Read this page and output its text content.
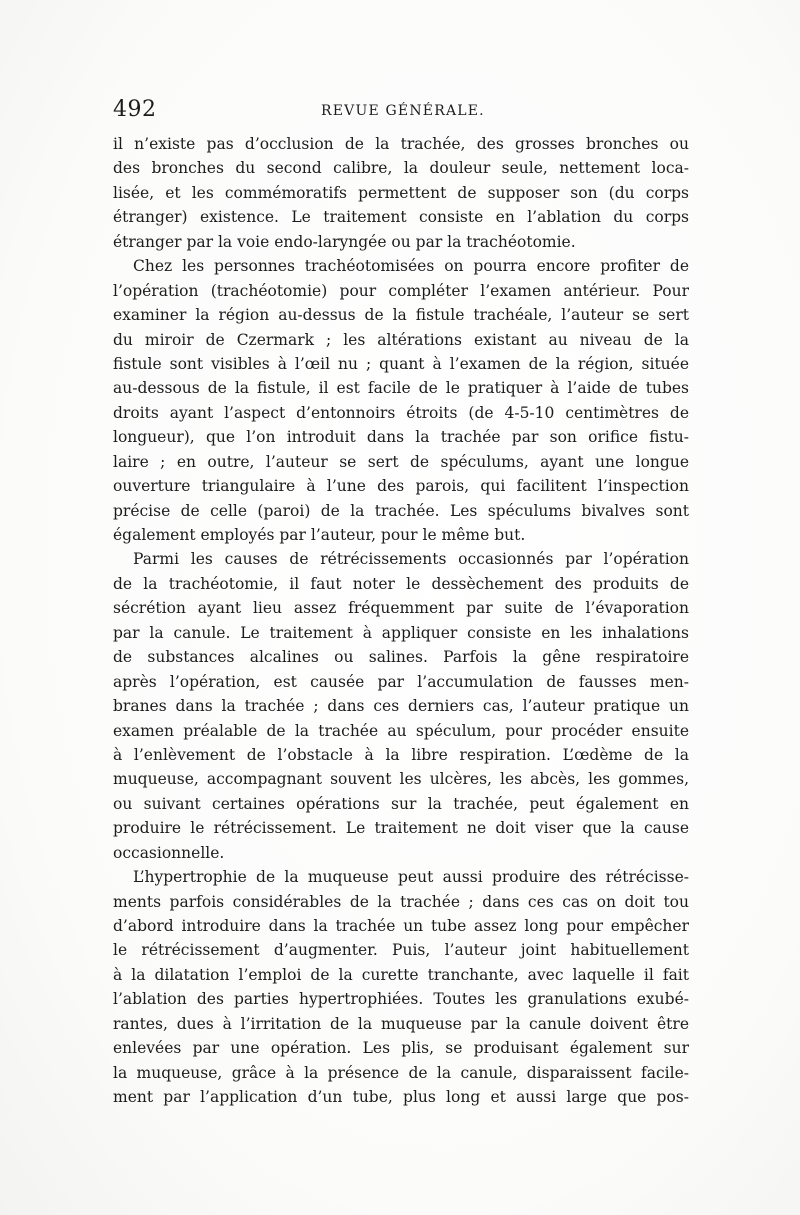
492	REVUE GÉNÉRALE.
il n’existe pas d’occlusion de la trachée, des grosses bronches ou
des bronches du second calibre, la douleur seule, nettement loca-
lisée, et les commémoratifs permettent de supposer son (du corps
étranger) existence. Le traitement consiste en l’ablation du corps
étranger par la voie endo-laryngée ou par la trachéotomie.
Chez les personnes trachéotomisées on pourra encore profiter de
l’opération (trachéotomie) pour compléter l’examen antérieur. Pour
examiner la région au-dessus de la fistule trachéale, l’auteur se sert
du miroir de Czermark ; les altérations existant au niveau de la
fistule sont visibles à l’œil nu ; quant à l’examen de la région, située
au-dessous de la fistule, il est facile de le pratiquer à l’aide de tubes
droits ayant l’aspect d’entonnoirs étroits (de 4-5-10 centimètres de
longueur), que l’on introduit dans la trachée par son orifice fistu-
laire ; en outre, l’auteur se sert de spéculums, ayant une longue
ouverture triangulaire à l’une des parois, qui facilitent l’inspection
précise de celle (paroi) de la trachée. Les spéculums bivalves sont
également employés par l’auteur, pour le même but.
Parmi les causes de rétrécissements occasionnés par l’opération
de la trachéotomie, il faut noter le dessèchement des produits de
sécrétion ayant lieu assez fréquemment par suite de l’évaporation
par la canule. Le traitement à appliquer consiste en les inhalations
de substances alcalines ou salines. Parfois la gêne respiratoire
après l’opération, est causée par l’accumulation de fausses men-
branes dans la trachée ; dans ces derniers cas, l’auteur pratique un
examen préalable de la trachée au spéculum, pour procéder ensuite
à l’enlèvement de l’obstacle à la libre respiration. L’œdème de la
muqueuse, accompagnant souvent les ulcères, les abcès, les gommes,
ou suivant certaines opérations sur la trachée, peut également en
produire le rétrécissement. Le traitement ne doit viser que la cause
occasionnelle.
L’hypertrophie de la muqueuse peut aussi produire des rétrécisse-
ments parfois considérables de la trachée ; dans ces cas on doit tou
d’abord introduire dans la trachée un tube assez long pour empêcher
le rétrécissement d’augmenter. Puis, l’auteur joint habituellement
à la dilatation l’emploi de la curette tranchante, avec laquelle il fait
l’ablation des parties hypertrophiées. Toutes les granulations exubé-
rantes, dues à l’irritation de la muqueuse par la canule doivent être
enlevées par une opération. Les plis, se produisant également sur
la muqueuse, grâce à la présence de la canule, disparaissent facile-
ment par l’application d’un tube, plus long et aussi large que pos-
